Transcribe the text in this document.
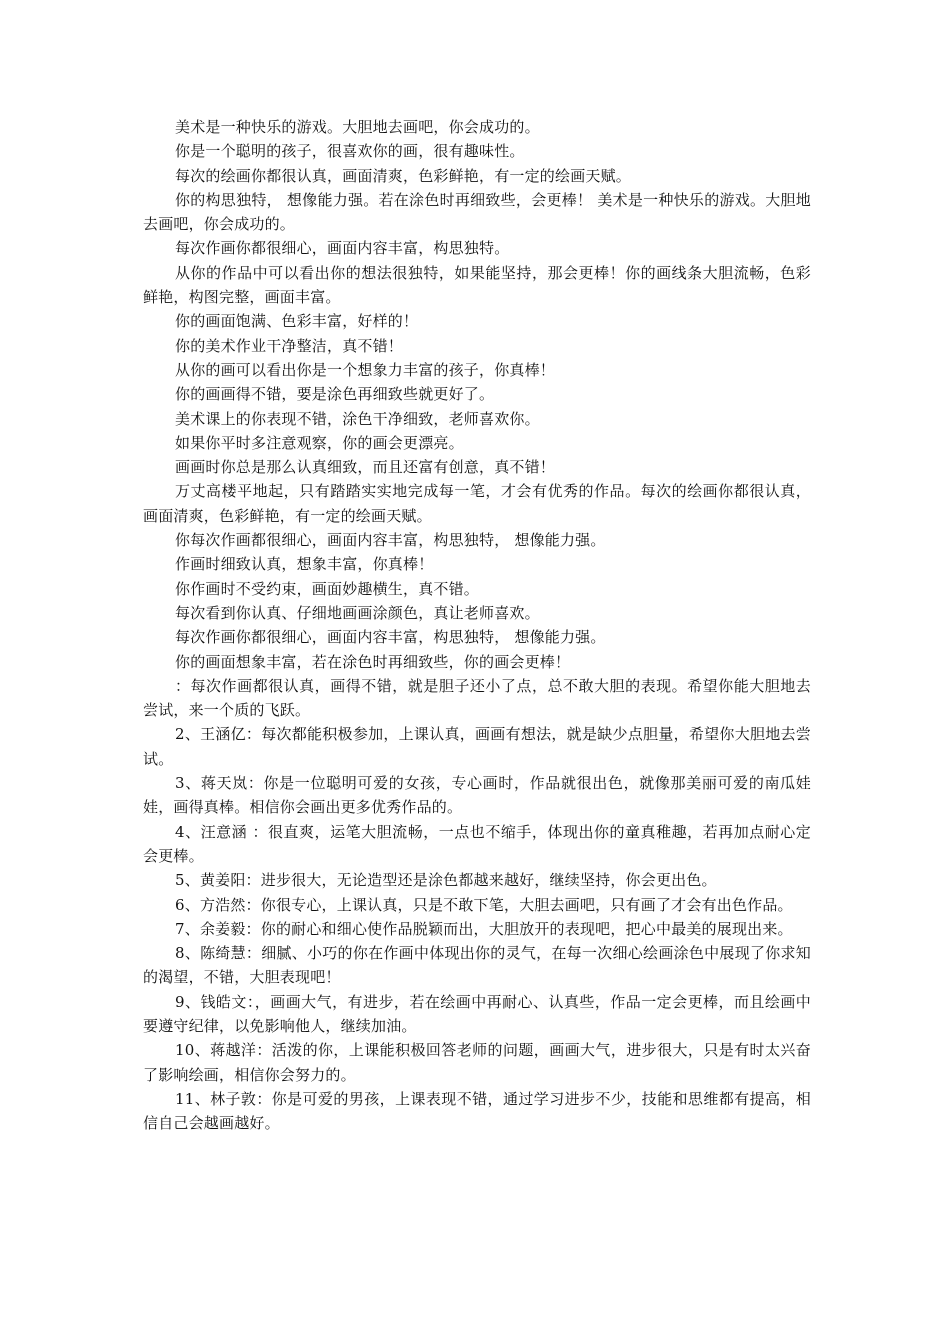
美术是一种快乐的游戏。大胆地去画吧，你会成功的。

你是一个聪明的孩子，很喜欢你的画，很有趣味性。

每次的绘画你都很认真，画面清爽，色彩鲜艳，有一定的绘画天赋。

你的构思独特， 想像能力强。若在涂色时再细致些，会更棒！ 美术是一种快乐的游戏。大胆地去画吧，你会成功的。

每次作画你都很细心，画面内容丰富，构思独特。

从你的作品中可以看出你的想法很独特，如果能坚持，那会更棒！你的画线条大胆流畅，色彩鲜艳，构图完整，画面丰富。

你的画面饱满、色彩丰富，好样的！

你的美术作业干净整洁，真不错！

从你的画可以看出你是一个想象力丰富的孩子，你真棒！

你的画画得不错，要是涂色再细致些就更好了。

美术课上的你表现不错，涂色干净细致，老师喜欢你。

如果你平时多注意观察，你的画会更漂亮。

画画时你总是那么认真细致，而且还富有创意，真不错！

万丈高楼平地起，只有踏踏实实地完成每一笔，才会有优秀的作品。每次的绘画你都很认真，画面清爽，色彩鲜艳，有一定的绘画天赋。

你每次作画都很细心，画面内容丰富，构思独特， 想像能力强。

作画时细致认真，想象丰富，你真棒！

你作画时不受约束，画面妙趣横生，真不错。

每次看到你认真、仔细地画画涂颜色，真让老师喜欢。

每次作画你都很细心，画面内容丰富，构思独特， 想像能力强。

你的画面想象丰富，若在涂色时再细致些，你的画会更棒！

：每次作画都很认真，画得不错，就是胆子还小了点，总不敢大胆的表现。希望你能大胆地去尝试，来一个质的飞跃。

2、王涵亿：每次都能积极参加，上课认真，画画有想法，就是缺少点胆量，希望你大胆地去尝试。

3、蒋天岚：你是一位聪明可爱的女孩，专心画时，作品就很出色，就像那美丽可爱的南瓜娃娃，画得真棒。相信你会画出更多优秀作品的。

4、汪意涵 ：很直爽，运笔大胆流畅，一点也不缩手，体现出你的童真稚趣，若再加点耐心定会更棒。

5、黄姜阳：进步很大，无论造型还是涂色都越来越好，继续坚持，你会更出色。

6、方浩然：你很专心，上课认真，只是不敢下笔，大胆去画吧，只有画了才会有出色作品。

7、余姜毅：你的耐心和细心使作品脱颖而出，大胆放开的表现吧，把心中最美的展现出来。

8、陈绮慧：细腻、小巧的你在作画中体现出你的灵气，在每一次细心绘画涂色中展现了你求知的渴望，不错，大胆表现吧！

9、钱皓文：，画画大气，有进步，若在绘画中再耐心、认真些，作品一定会更棒，而且绘画中要遵守纪律，以免影响他人，继续加油。

10、蒋越洋：活泼的你，上课能积极回答老师的问题，画画大气，进步很大，只是有时太兴奋了影响绘画，相信你会努力的。

11、林子敦：你是可爱的男孩，上课表现不错，通过学习进步不少，技能和思维都有提高，相信自己会越画越好。
